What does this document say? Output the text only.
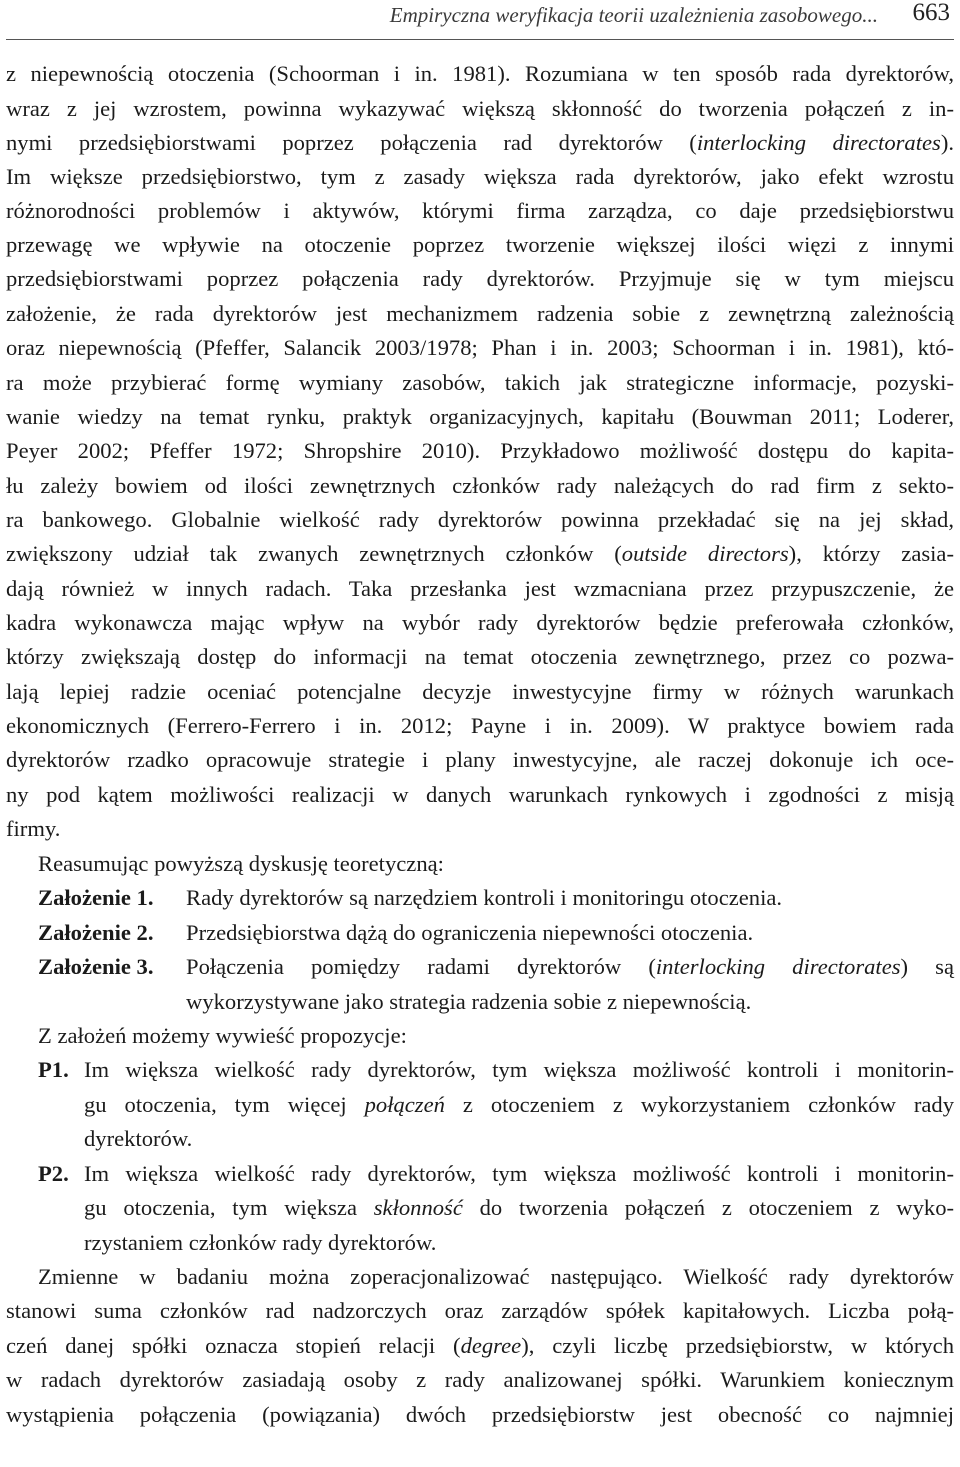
Empiryczna weryfikacja teorii uzależnienia zasobowego... 663
z niepewnością otoczenia (Schoorman i in. 1981). Rozumiana w ten sposób rada dyrektorów,
wraz z jej wzrostem, powinna wykazywać większą skłonność do tworzenia połączeń z in-
nymi przedsiębiorstwami poprzez połączenia rad dyrektorów (interlocking directorates).
Im większe przedsiębiorstwo, tym z zasady większa rada dyrektorów, jako efekt wzrostu
różnorodności problemów i aktywów, którymi firma zarządza, co daje przedsiębiorstwu
przewagę we wpływie na otoczenie poprzez tworzenie większej ilości więzi z innymi
przedsiębiorstwami poprzez połączenia rady dyrektorów. Przyjmuje się w tym miejscu
założenie, że rada dyrektorów jest mechanizmem radzenia sobie z zewnętrzną zależnością
oraz niepewnością (Pfeffer, Salancik 2003/1978; Phan i in. 2003; Schoorman i in. 1981), któ-
ra może przybierać formę wymiany zasobów, takich jak strategiczne informacje, pozyski-
wanie wiedzy na temat rynku, praktyk organizacyjnych, kapitału (Bouwman 2011; Loderer,
Peyer 2002; Pfeffer 1972; Shropshire 2010). Przykładowo możliwość dostępu do kapita-
łu zależy bowiem od ilości zewnętrznych członków rady należących do rad firm z sekto-
ra bankowego. Globalnie wielkość rady dyrektorów powinna przekładać się na jej skład,
zwiększony udział tak zwanych zewnętrznych członków (outside directors), którzy zasia-
dają również w innych radach. Taka przesłanka jest wzmacniana przez przypuszczenie, że
kadra wykonawcza mając wpływ na wybór rady dyrektorów będzie preferowała członków,
którzy zwiększają dostęp do informacji na temat otoczenia zewnętrznego, przez co pozwa-
lają lepiej radzie oceniać potencjalne decyzje inwestycyjne firmy w różnych warunkach
ekonomicznych (Ferrero-Ferrero i in. 2012; Payne i in. 2009). W praktyce bowiem rada
dyrektorów rzadko opracowuje strategie i plany inwestycyjne, ale raczej dokonuje ich oce-
ny pod kątem możliwości realizacji w danych warunkach rynkowych i zgodności z misją
firmy.
Reasumując powyższą dyskusję teoretyczną:
Założenie 1. Rady dyrektorów są narzędziem kontroli i monitoringu otoczenia.
Założenie 2. Przedsiębiorstwa dążą do ograniczenia niepewności otoczenia.
Założenie 3. Połączenia pomiędzy radami dyrektorów (interlocking directorates) są
wykorzystywane jako strategia radzenia sobie z niepewnością.
Z założeń możemy wywieść propozycje:
P1. Im większa wielkość rady dyrektorów, tym większa możliwość kontroli i monitorin-
gu otoczenia, tym więcej połączeń z otoczeniem z wykorzystaniem członków rady
dyrektorów.
P2. Im większa wielkość rady dyrektorów, tym większa możliwość kontroli i monitorin-
gu otoczenia, tym większa skłonność do tworzenia połączeń z otoczeniem z wyko-
rzystaniem członków rady dyrektorów.
Zmienne w badaniu można zoperacjonalizować następująco. Wielkość rady dyrektorów
stanowi suma członków rad nadzorczych oraz zarządów spółek kapitałowych. Liczba połą-
czeń danej spółki oznacza stopień relacji (degree), czyli liczbę przedsiębiorstw, w których
w radach dyrektorów zasiadają osoby z rady analizowanej spółki. Warunkiem koniecznym
wystąpienia połączenia (powiązania) dwóch przedsiębiorstw jest obecność co najmniej
